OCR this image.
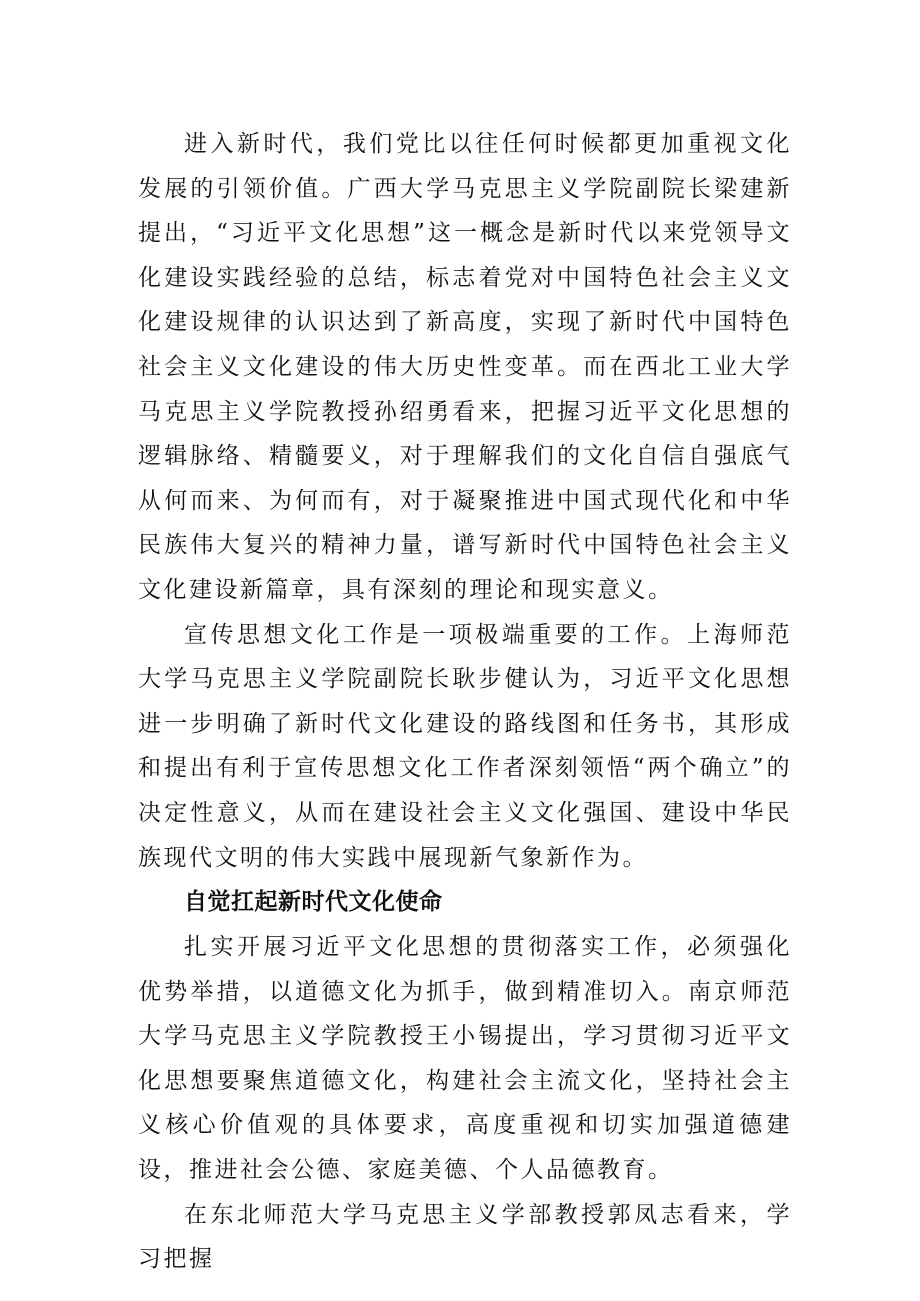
进入新时代，我们党比以往任何时候都更加重视文化发展的引领价值。广西大学马克思主义学院副院长梁建新提出，“习近平文化思想”这一概念是新时代以来党领导文化建设实践经验的总结，标志着党对中国特色社会主义文化建设规律的认识达到了新高度，实现了新时代中国特色社会主义文化建设的伟大历史性变革。而在西北工业大学马克思主义学院教授孙绍勇看来，把握习近平文化思想的逻辑脉络、精髓要义，对于理解我们的文化自信自强底气从何而来、为何而有，对于凝聚推进中国式现代化和中华民族伟大复兴的精神力量，谱写新时代中国特色社会主义文化建设新篇章，具有深刻的理论和现实意义。

宣传思想文化工作是一项极端重要的工作。上海师范大学马克思主义学院副院长耿步健认为，习近平文化思想进一步明确了新时代文化建设的路线图和任务书，其形成和提出有利于宣传思想文化工作者深刻领悟“两个确立”的决定性意义，从而在建设社会主义文化强国、建设中华民族现代文明的伟大实践中展现新气象新作为。

自觉扛起新时代文化使命

扎实开展习近平文化思想的贯彻落实工作，必须强化优势举措，以道德文化为抓手，做到精准切入。南京师范大学马克思主义学院教授王小锡提出，学习贯彻习近平文化思想要聚焦道德文化，构建社会主流文化，坚持社会主义核心价值观的具体要求，高度重视和切实加强道德建设，推进社会公德、家庭美德、个人品德教育。

在东北师范大学马克思主义学部教授郭凤志看来，学习把握
